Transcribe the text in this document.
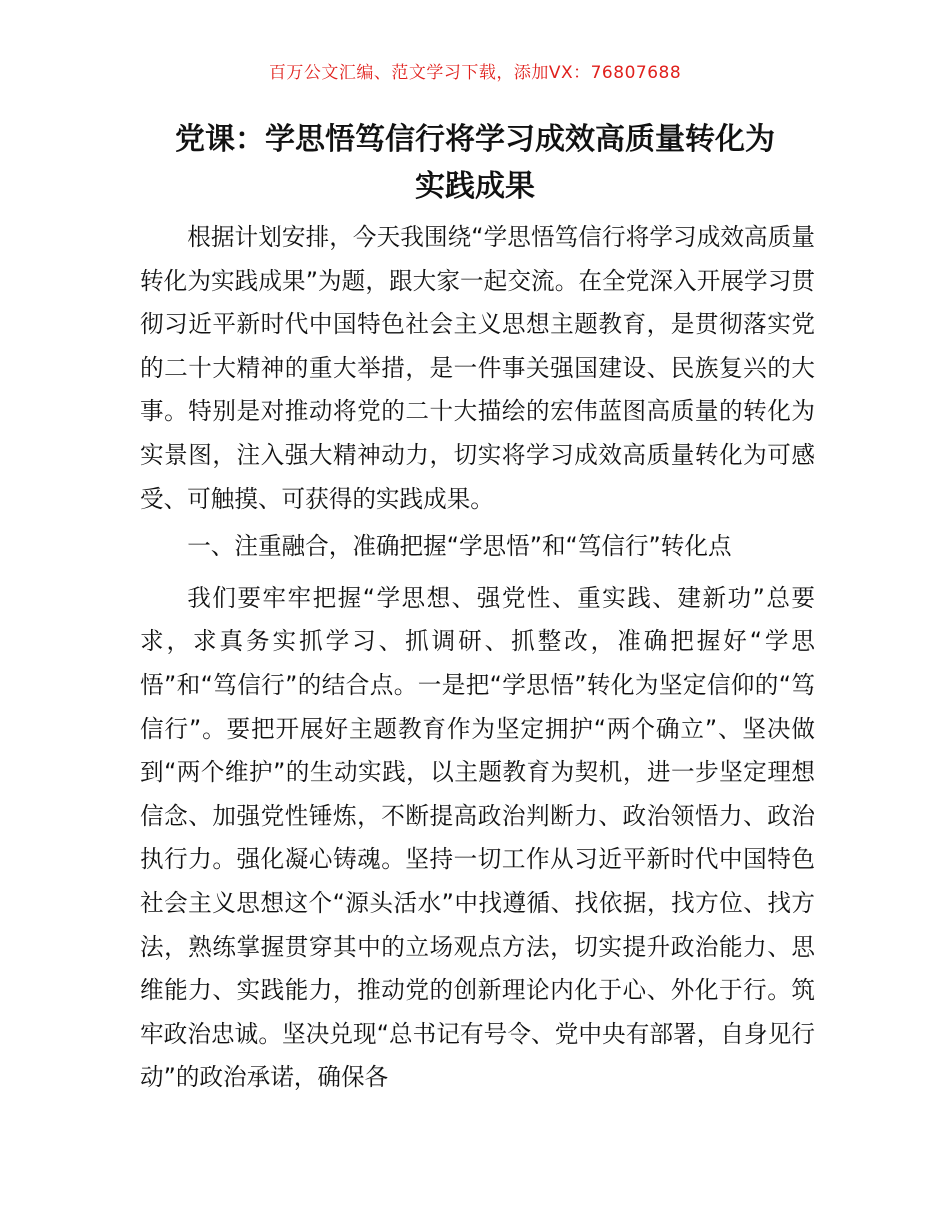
百万公文汇编、范文学习下载，添加VX：76807688
党课：学思悟笃信行将学习成效高质量转化为
实践成果

根据计划安排，今天我围绕“学思悟笃信行将学习成效高质量转化为实践成果”为题，跟大家一起交流。在全党深入开展学习贯彻习近平新时代中国特色社会主义思想主题教育，是贯彻落实党的二十大精神的重大举措，是一件事关强国建设、民族复兴的大事。特别是对推动将党的二十大描绘的宏伟蓝图高质量的转化为实景图，注入强大精神动力，切实将学习成效高质量转化为可感受、可触摸、可获得的实践成果。

一、注重融合，准确把握“学思悟”和“笃信行”转化点

我们要牢牢把握“学思想、强党性、重实践、建新功”总要求，求真务实抓学习、抓调研、抓整改，准确把握好“学思悟”和“笃信行”的结合点。一是把“学思悟”转化为坚定信仰的“笃信行”。要把开展好主题教育作为坚定拥护“两个确立”、坚决做到“两个维护”的生动实践，以主题教育为契机，进一步坚定理想信念、加强党性锤炼，不断提高政治判断力、政治领悟力、政治执行力。强化凝心铸魂。坚持一切工作从习近平新时代中国特色社会主义思想这个“源头活水”中找遵循、找依据，找方位、找方法，熟练掌握贯穿其中的立场观点方法，切实提升政治能力、思维能力、实践能力，推动党的创新理论内化于心、外化于行。筑牢政治忠诚。坚决兑现“总书记有号令、党中央有部署，自身见行动”的政治承诺，确保各
